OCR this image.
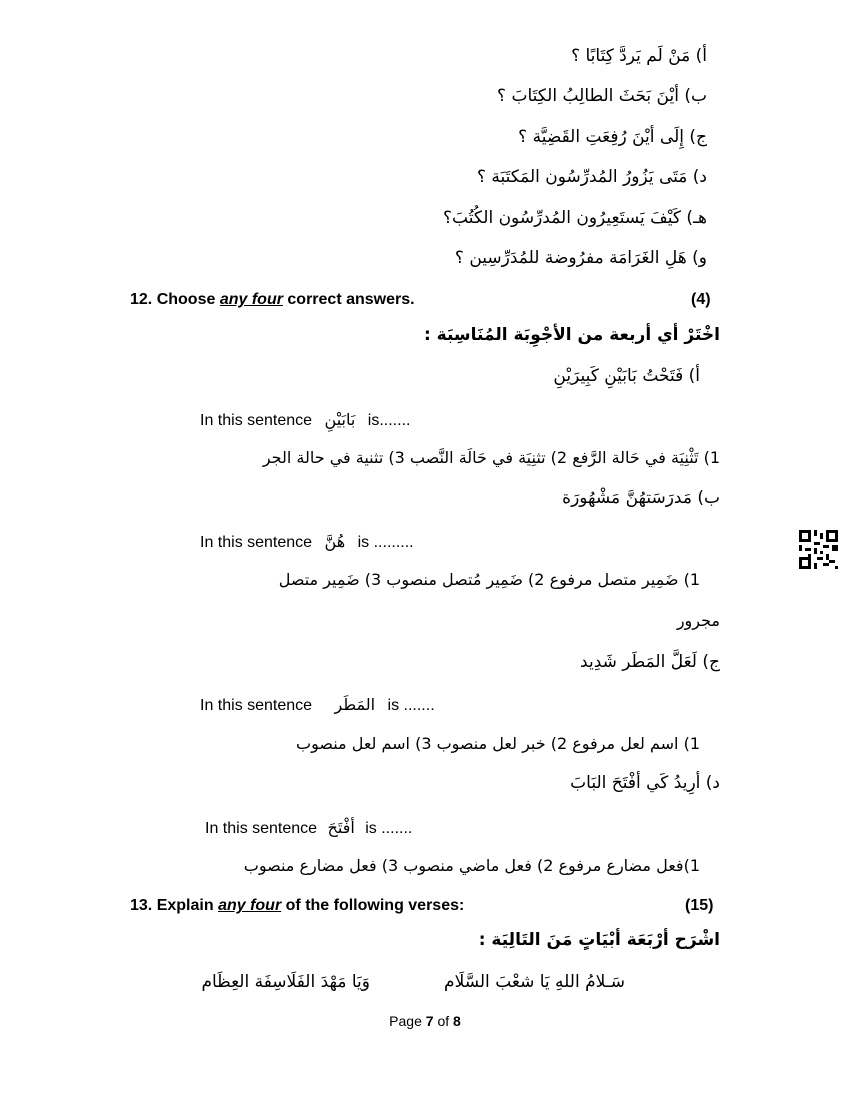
أ) مَنْ لَم يَردَّ كِتَابًا ؟
ب) أيْنَ بَحَثَ الطالِبُ الكِتَابَ ؟
ج) إِلَى أيْنَ رُفِعَتِ القَضِيَّة ؟
د) مَتَى يَزُورُ المُدرِّسُون المَكتَبَة ؟
هـ) كَيْفَ يَستَعِيرُون المُدرِّسُون الكُتُبَ؟
و) هَلِ الغَرَامَة مفرُوضة للمُدَرِّسِين ؟
12. Choose any four correct answers.	(4)
اخْتَرْ أي أربعة من الأجْوِبَة المُنَاسِبَة :
أ) فَتَحْتُ بَابَيْنِ كَبِيرَيْنِ
In this sentence بَابَيْنِ is.......
1) تَثْنِيَة في حَالة الرَّفع 2) تثنِيَة في حَالَة النَّصب 3) تثنية في حالة الجر
ب) مَدرَسَتهُنَّ مَشْهُورَة
In this sentence هُنَّ is .........
1) ضَمِير متصل مرفوع 2) ضَمِير مُتصل منصوب 3) ضَمِير متصل
مجرور
ج) لَعَلَّ المَطَر شَدِيد
In this sentence المَطَر is .......
1) اسم لعل مرفوع 2) خبر لعل منصوب 3) اسم لعل منصوب
د) أرِيدُ كَي أفْتَحَ البَابَ
In this sentence أفْتَحَ is .......
1)فعل مضارع مرفوع 2) فعل ماضي منصوب 3) فعل مضارع منصوب
13. Explain any four of the following verses:	(15)
اشْرَح أرْبَعَة أبْيَاتٍ مَنَ التَالِيَة :
سَـلامُ اللهِ يَا شعْبَ السَّلَام
وَيَا مَهْدَ الفَلَاسِفَة العِظَام
Page 7 of 8
